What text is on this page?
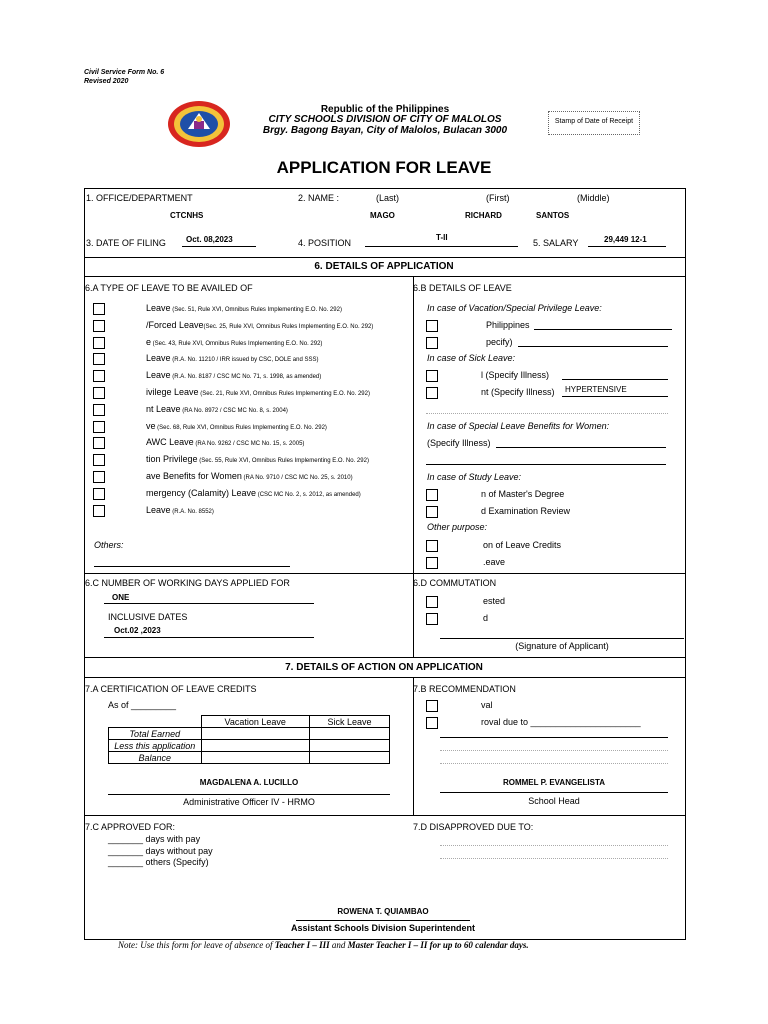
Civil Service Form No. 6
Revised 2020
Republic of the Philippines
CITY SCHOOLS DIVISION OF CITY OF MALOLOS
Brgy. Bagong Bayan, City of Malolos, Bulacan 3000
Stamp of Date of Receipt
APPLICATION FOR LEAVE
1. OFFICE/DEPARTMENT
CTCNHS
2. NAME :	(Last)	(First)	(Middle)
MAGO	RICHARD	SANTOS
3. DATE OF FILING	Oct. 08,2023	4. POSITION
T-II
5. SALARY	29,449 12-1
6. DETAILS OF APPLICATION
6.A TYPE OF LEAVE TO BE AVAILED OF
Leave (Sec. 51, Rule XVI, Omnibus Rules Implementing E.O. No. 292)
/Forced Leave(Sec. 25, Rule XVI, Omnibus Rules Implementing E.O. No. 292)
e (Sec. 43, Rule XVI, Omnibus Rules Implementing E.O. No. 292)
Leave (R.A. No. 11210 / IRR issued by CSC, DOLE and SSS)
Leave (R.A. No. 8187 / CSC MC No. 71, s. 1998, as amended)
ivilege Leave (Sec. 21, Rule XVI, Omnibus Rules Implementing E.O. No. 292)
nt Leave (RA No. 8972 / CSC MC No. 8, s. 2004)
ve (Sec. 68, Rule XVI, Omnibus Rules Implementing E.O. No. 292)
AWC Leave (RA No. 9262 / CSC MC No. 15, s. 2005)
tion Privilege (Sec. 55, Rule XVI, Omnibus Rules Implementing E.O. No. 292)
ave Benefits for Women (RA No. 9710 / CSC MC No. 25, s. 2010)
mergency (Calamity) Leave (CSC MC No. 2, s. 2012, as amended)
Leave (R.A. No. 8552)
Others:
6.B DETAILS OF LEAVE
In case of Vacation/Special Privilege Leave:
Philippines
pecify)
In case of Sick Leave:
l (Specify Illness)
nt (Specify Illness) HYPERTENSIVE
In case of Special Leave Benefits for Women:
(Specify Illness)
In case of Study Leave:
n of Master's Degree
d Examination Review
Other purpose:
on of Leave Credits
.eave
6.C NUMBER OF WORKING DAYS APPLIED FOR
ONE
INCLUSIVE DATES
Oct.02 ,2023
6.D COMMUTATION
ested
d
(Signature of Applicant)
7. DETAILS OF ACTION ON APPLICATION
7.A CERTIFICATION OF LEAVE CREDITS
As of _________
	Vacation Leave	Sick Leave
Total Earned		
Less this application		
Balance		
MAGDALENA A. LUCILLO
Administrative Officer IV - HRMO
7.B RECOMMENDATION
val
roval due to ______________________
ROMMEL P. EVANGELISTA
School Head
7.C APPROVED FOR:
_______ days with pay
_______ days without pay
_______ others (Specify)
7.D DISAPPROVED DUE TO:
ROWENA T. QUIAMBAO
Assistant Schools Division Superintendent
Note: Use this form for leave of absence of Teacher I – III and Master Teacher I – II for up to 60 calendar days.
